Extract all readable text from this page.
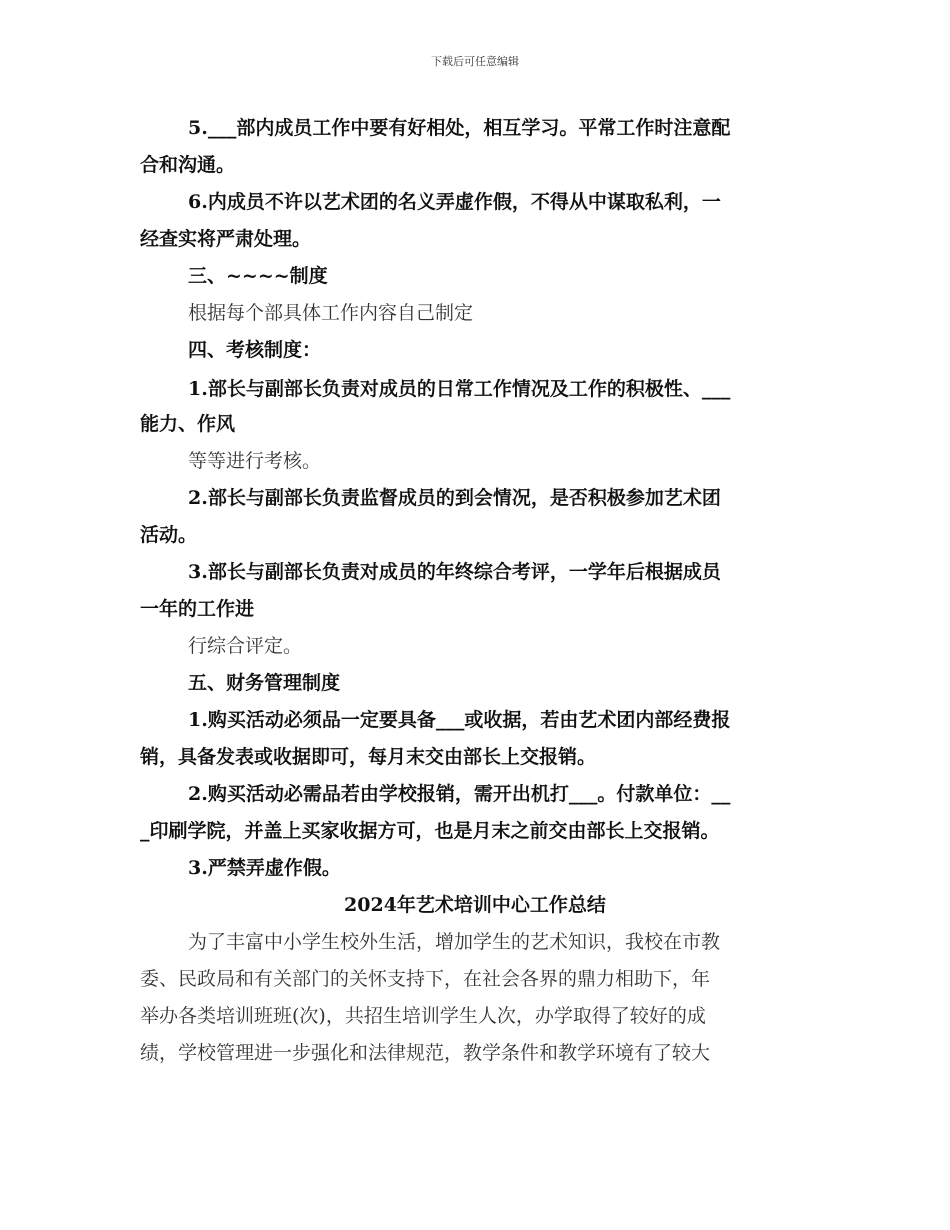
下载后可任意编辑
5.___部内成员工作中要有好相处，相互学习。平常工作时注意配
合和沟通。
6.内成员不许以艺术团的名义弄虚作假，不得从中谋取私利，一
经查实将严肃处理。
三、~~~~制度
根据每个部具体工作内容自己制定
四、考核制度：
1.部长与副部长负责对成员的日常工作情况及工作的积极性、___
能力、作风
等等进行考核。
2.部长与副部长负责监督成员的到会情况，是否积极参加艺术团
活动。
3.部长与副部长负责对成员的年终综合考评，一学年后根据成员
一年的工作进
行综合评定。
五、财务管理制度
1.购买活动必须品一定要具备___或收据，若由艺术团内部经费报
销，具备发表或收据即可，每月末交由部长上交报销。
2.购买活动必需品若由学校报销，需开出机打___。付款单位：__
_印刷学院，并盖上买家收据方可，也是月末之前交由部长上交报销。
3.严禁弄虚作假。
2024年艺术培训中心工作总结
为了丰富中小学生校外生活，增加学生的艺术知识，我校在市教
委、民政局和有关部门的关怀支持下，在社会各界的鼎力相助下，年
举办各类培训班班(次)，共招生培训学生人次，办学取得了较好的成
绩，学校管理进一步强化和法律规范，教学条件和教学环境有了较大
